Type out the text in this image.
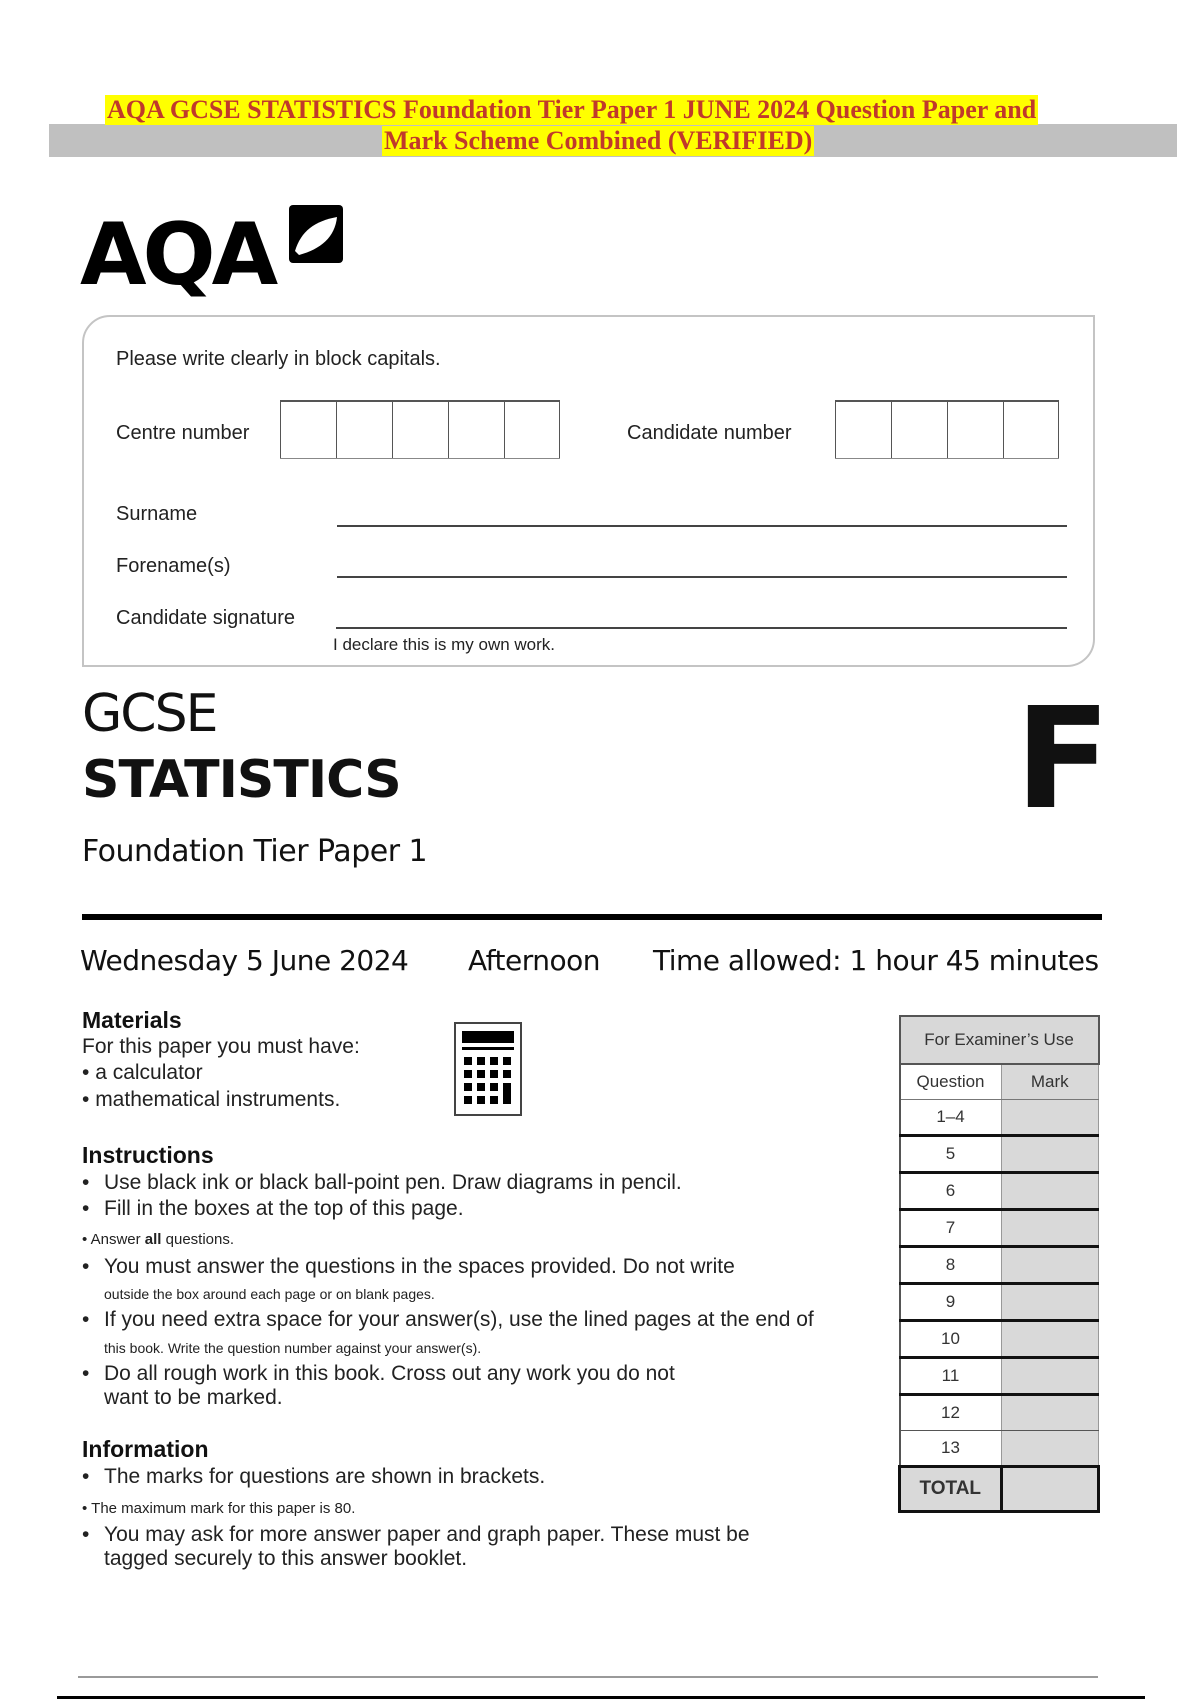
AQA GCSE STATISTICS Foundation Tier Paper 1 JUNE 2024 Question Paper and
Mark Scheme Combined (VERIFIED)
AQA
Please write clearly in block capitals.
Centre number	Candidate number
Surname
Forename(s)
Candidate signature
I declare this is my own work.
GCSE
STATISTICS
Foundation Tier Paper 1
F
Wednesday 5 June 2024 Afternoon Time allowed: 1 hour 45 minutes
Materials
For this paper you must have:
• a calculator
• mathematical instruments.
Instructions
• Use black ink or black ball-point pen. Draw diagrams in pencil.
• Fill in the boxes at the top of this page.
• Answer all questions.
• You must answer the questions in the spaces provided. Do not write
outside the box around each page or on blank pages.
• If you need extra space for your answer(s), use the lined pages at the end of
this book. Write the question number against your answer(s).
• Do all rough work in this book. Cross out any work you do not
want to be marked.
Information
• The marks for questions are shown in brackets.
• The maximum mark for this paper is 80.
• You may ask for more answer paper and graph paper. These must be
tagged securely to this answer booklet.
For Examiner’s Use	
Question	Mark
1–4	
5	
6	
7	
8	
9	
10	
11	
12	
13	
TOTAL	
